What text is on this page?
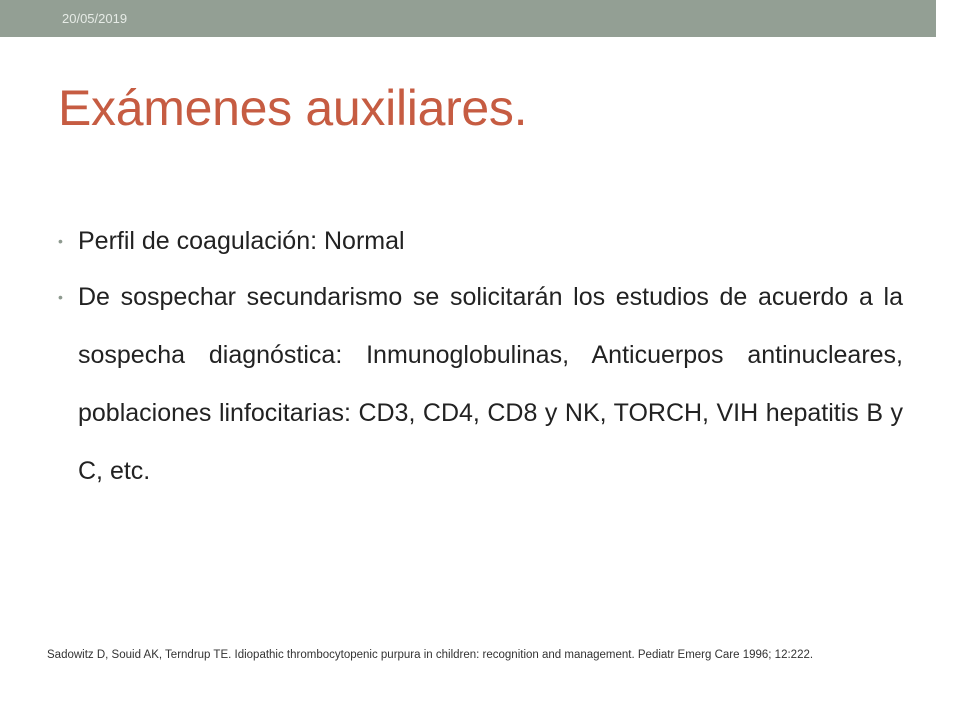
20/05/2019
Exámenes auxiliares.
• Perfil de coagulación: Normal
• De sospechar secundarismo se solicitarán los estudios de acuerdo a la sospecha diagnóstica: Inmunoglobulinas, Anticuerpos antinucleares, poblaciones linfocitarias: CD3, CD4, CD8 y NK, TORCH, VIH hepatitis B y C, etc.

Sadowitz D, Souid AK, Terndrup TE. Idiopathic thrombocytopenic purpura in children: recognition and management. Pediatr Emerg Care 1996; 12:222.
